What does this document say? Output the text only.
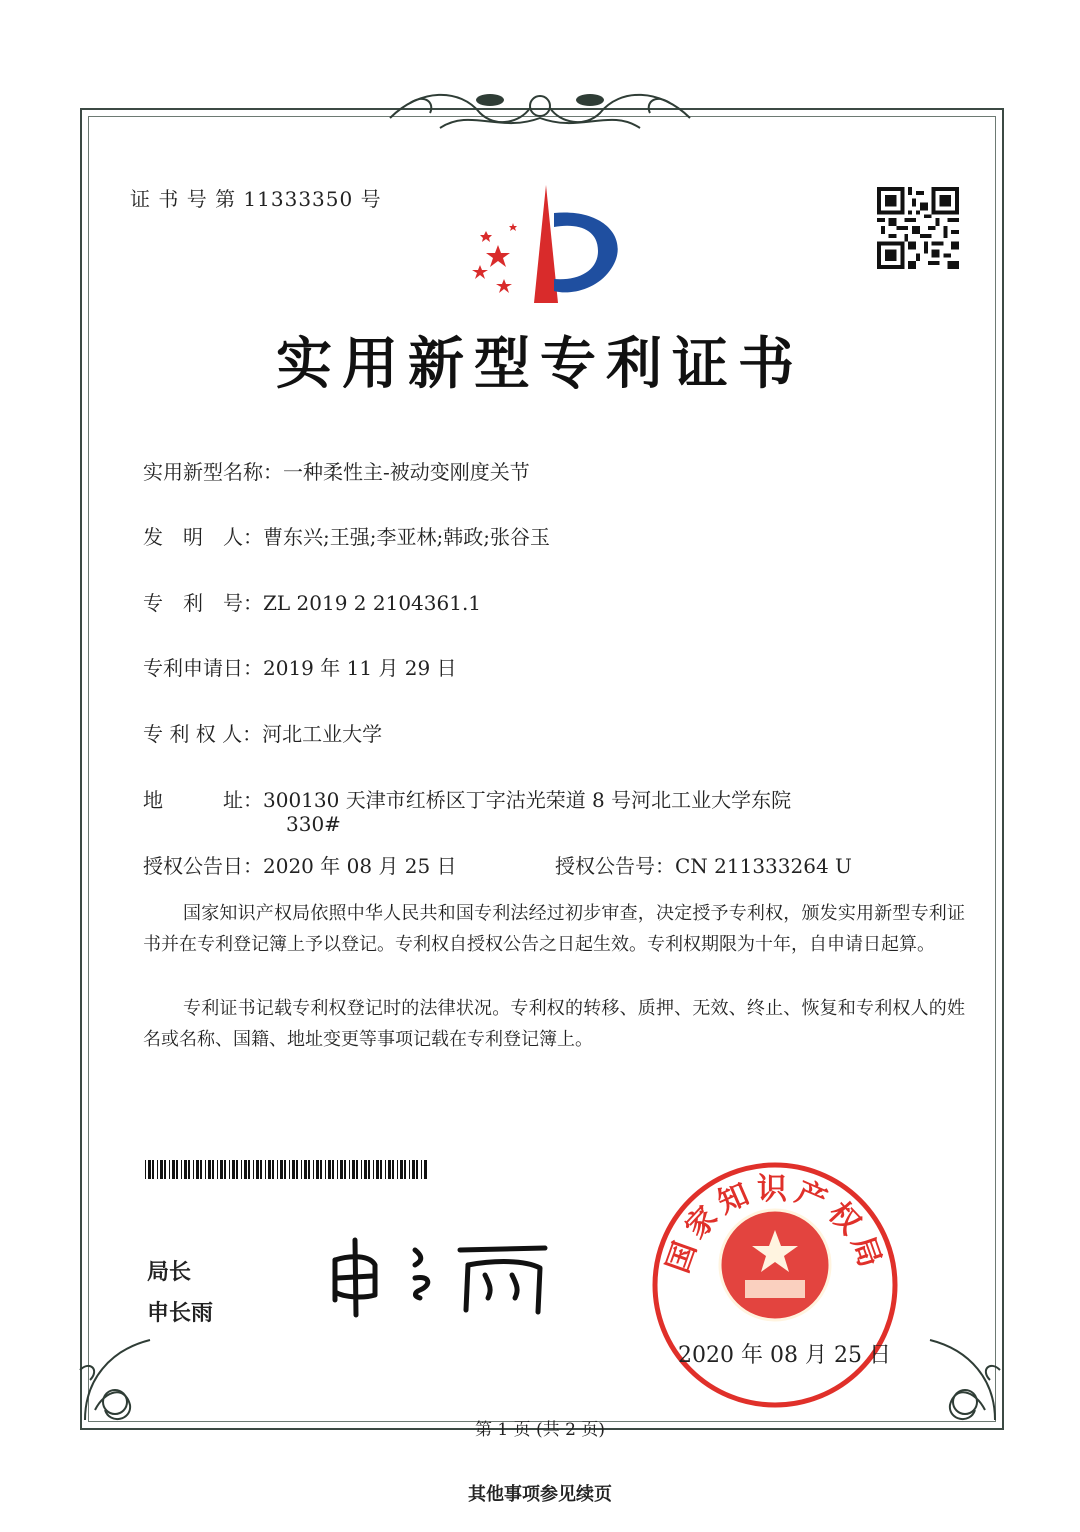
证 书 号 第 11333350 号
实用新型专利证书
实用新型名称：一种柔性主-被动变刚度关节
发　明　人：曹东兴;王强;李亚林;韩政;张谷玉
专　利　号：ZL 2019 2 2104361.1
专利申请日：2019 年 11 月 29 日
专 利 权 人：河北工业大学
地　　　址：300130 天津市红桥区丁字沽光荣道 8 号河北工业大学东院
330#
授权公告日：2020 年 08 月 25 日	授权公告号：CN 211333264 U
国家知识产权局依照中华人民共和国专利法经过初步审查，决定授予专利权，颁发实用新型专利证书并在专利登记簿上予以登记。专利权自授权公告之日起生效。专利权期限为十年，自申请日起算。
专利证书记载专利权登记时的法律状况。专利权的转移、质押、无效、终止、恢复和专利权人的姓名或名称、国籍、地址变更等事项记载在专利登记簿上。
局长
申长雨
国家知识产权局
2020 年 08 月 25 日
第 1 页 (共 2 页)
其他事项参见续页
